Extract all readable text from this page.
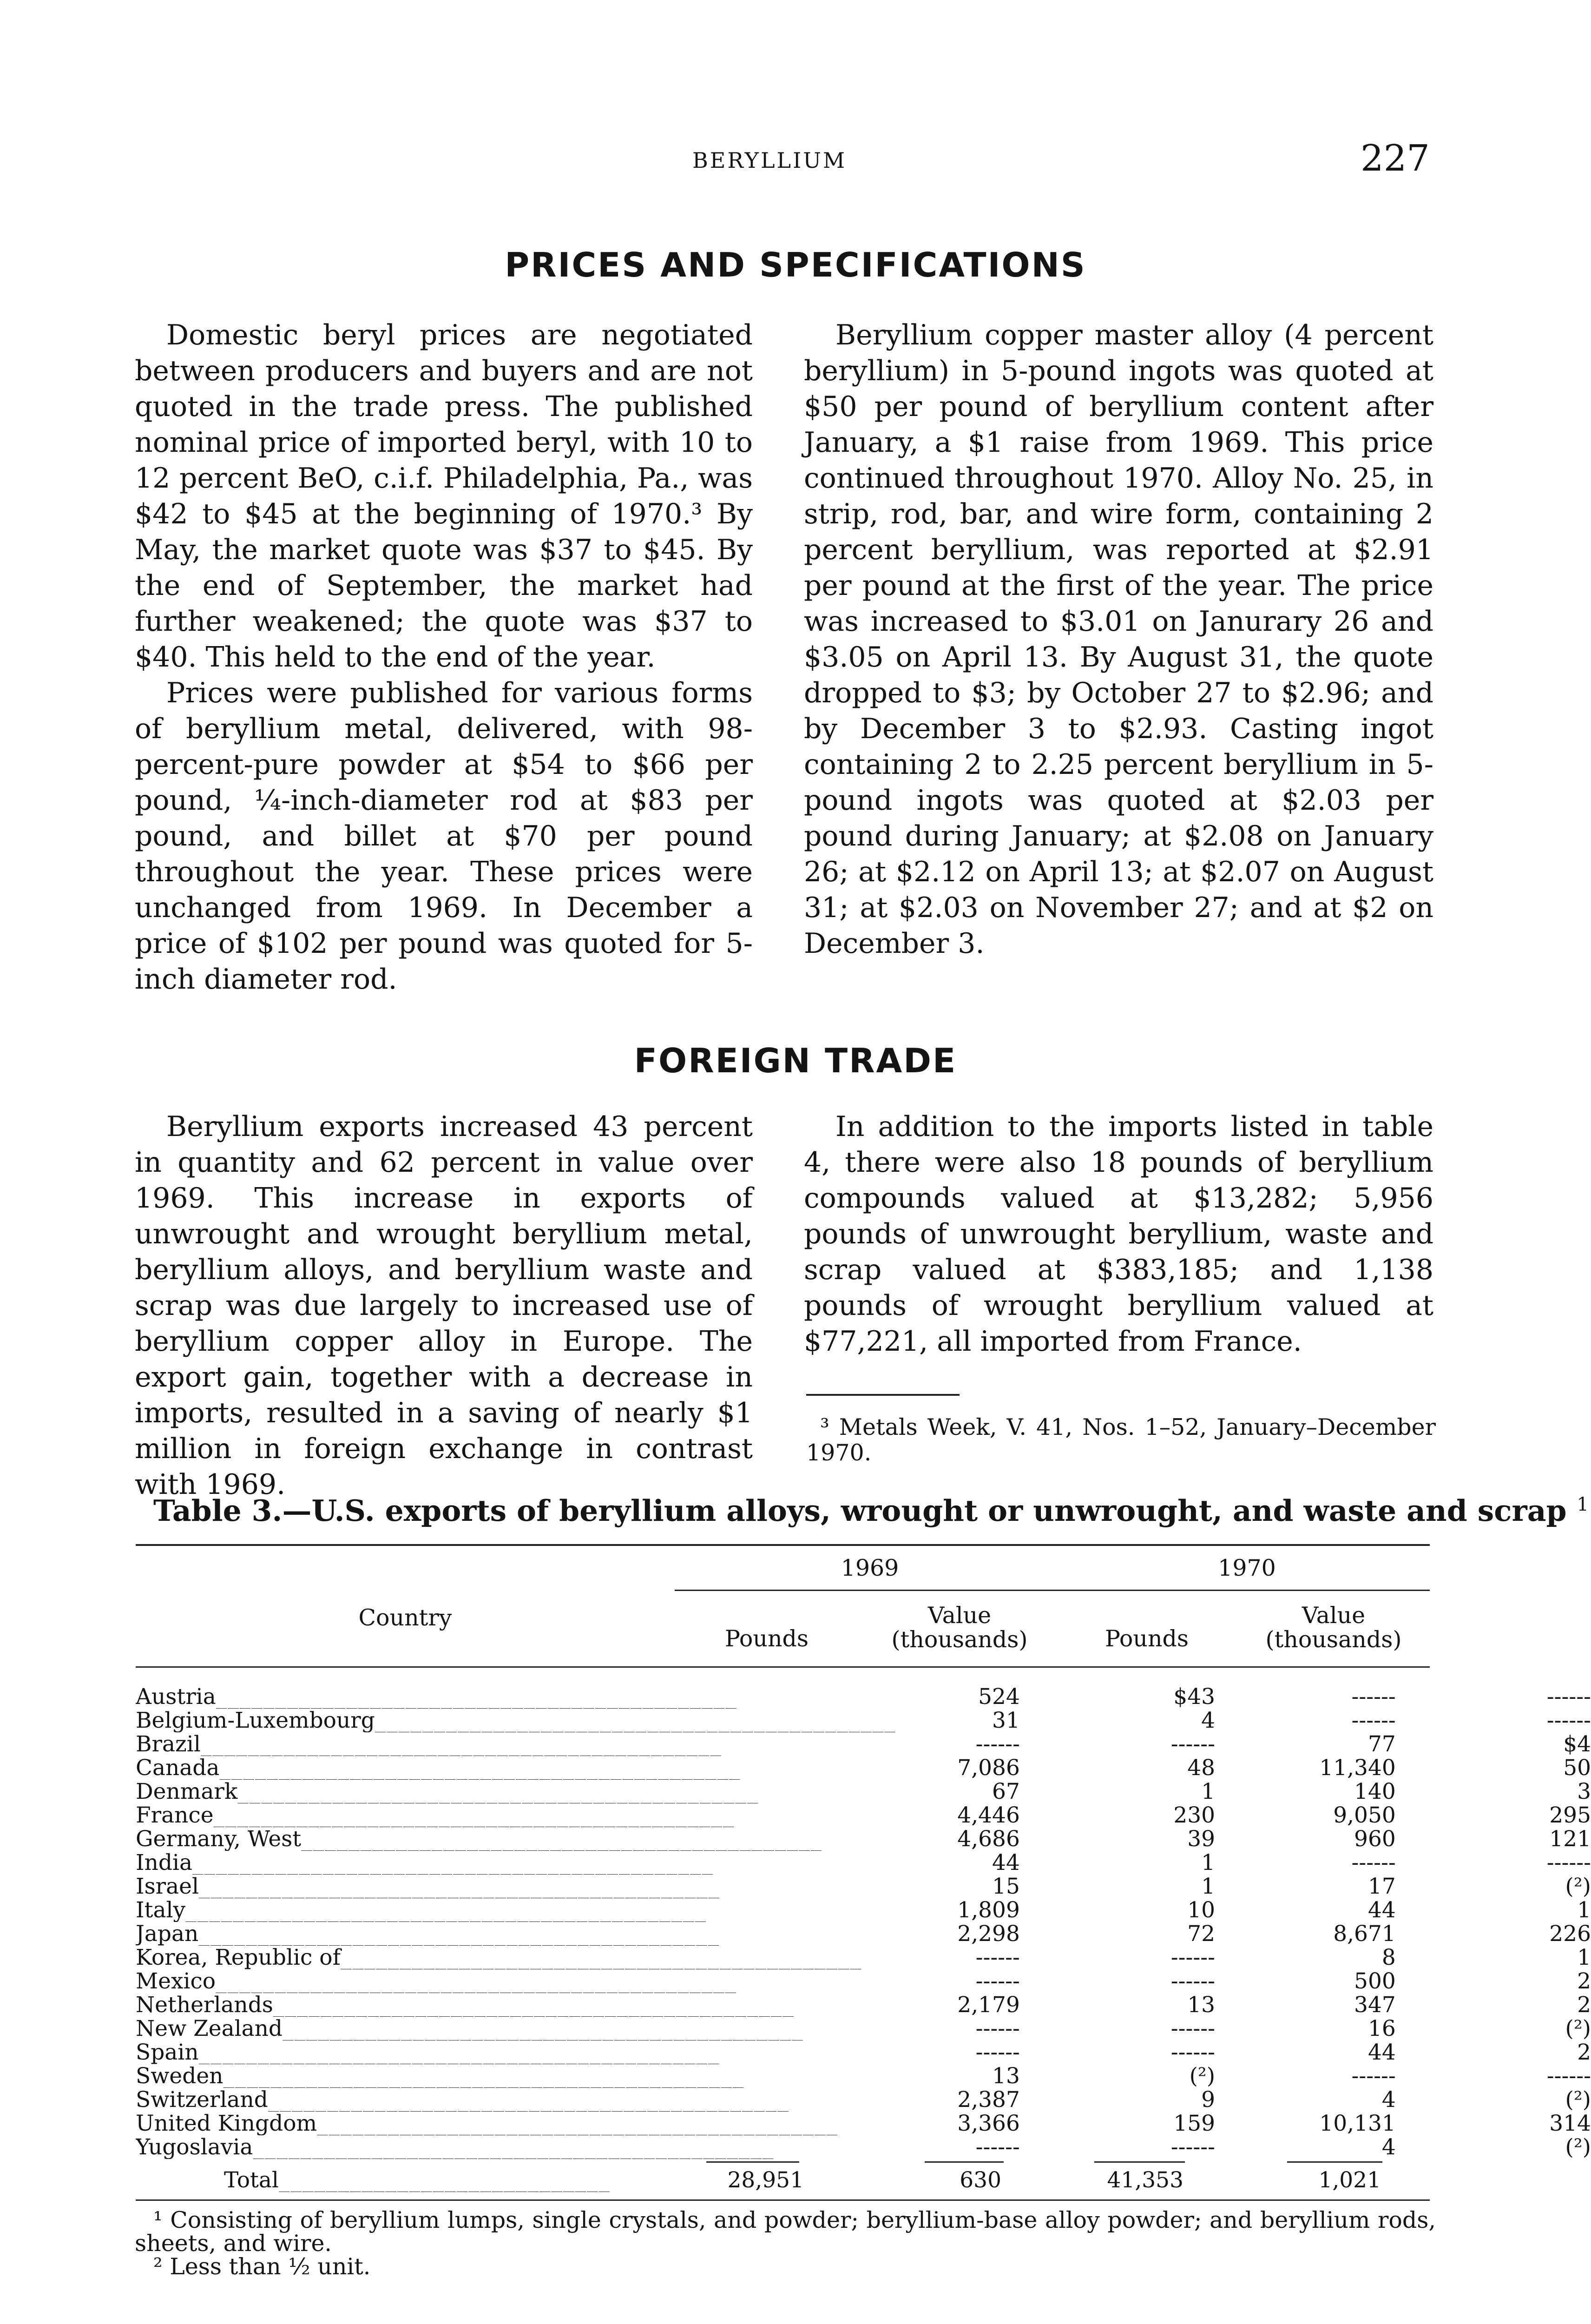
BERYLLIUM	227
PRICES AND SPECIFICATIONS

Domestic beryl prices are negotiated between producers and buyers and are not quoted in the trade press. The published nominal price of imported beryl, with 10 to 12 percent BeO, c.i.f. Philadelphia, Pa., was $42 to $45 at the beginning of 1970.³ By May, the market quote was $37 to $45. By the end of September, the market had further weakened; the quote was $37 to $40. This held to the end of the year.

Prices were published for various forms of beryllium metal, delivered, with 98-percent-pure powder at $54 to $66 per pound, ¼-inch-diameter rod at $83 per pound, and billet at $70 per pound throughout the year. These prices were unchanged from 1969. In December a price of $102 per pound was quoted for 5-inch diameter rod.

Beryllium copper master alloy (4 percent beryllium) in 5-pound ingots was quoted at $50 per pound of beryllium content after January, a $1 raise from 1969. This price continued throughout 1970. Alloy No. 25, in strip, rod, bar, and wire form, containing 2 percent beryllium, was reported at $2.91 per pound at the first of the year. The price was increased to $3.01 on Janurary 26 and $3.05 on April 13. By August 31, the quote dropped to $3; by October 27 to $2.96; and by December 3 to $2.93. Casting ingot containing 2 to 2.25 percent beryllium in 5-pound ingots was quoted at $2.03 per pound during January; at $2.08 on January 26; at $2.12 on April 13; at $2.07 on August 31; at $2.03 on November 27; and at $2 on December 3.

FOREIGN TRADE

Beryllium exports increased 43 percent in quantity and 62 percent in value over 1969. This increase in exports of unwrought and wrought beryllium metal, beryllium alloys, and beryllium waste and scrap was due largely to increased use of beryllium copper alloy in Europe. The export gain, together with a decrease in imports, resulted in a saving of nearly $1 million in foreign exchange in contrast with 1969.

In addition to the imports listed in table 4, there were also 18 pounds of beryllium compounds valued at $13,282; 5,956 pounds of unwrought beryllium, waste and scrap valued at $383,185; and 1,138 pounds of wrought beryllium valued at $77,221, all imported from France.

³ Metals Week, V. 41, Nos. 1–52, January–December 1970.
Table 3.—U.S. exports of beryllium alloys, wrought or unwrought, and waste and scrap $^1$
1969	1970
Country
Pounds
Value
(thousands)	Pounds
Value
(thousands)
Austria____________________________________________	524	$43	------	------
Belgium-Luxembourg____________________________________________	31	4	------	------
Brazil____________________________________________	------	------	77	$4
Canada____________________________________________	7,086	48	11,340	50
Denmark____________________________________________	67	1	140	3
France____________________________________________	4,446	230	9,050	295
Germany, West____________________________________________	4,686	39	960	121
India____________________________________________	44	1	------	------
Israel____________________________________________	15	1	17	(²)
Italy____________________________________________	1,809	10	44	1
Japan____________________________________________	2,298	72	8,671	226
Korea, Republic of____________________________________________	------	------	8	1
Mexico____________________________________________	------	------	500	2
Netherlands____________________________________________	2,179	13	347	2
New Zealand____________________________________________	------	------	16	(²)
Spain____________________________________________	------	------	44	2
Sweden____________________________________________	13	(²)	------	------
Switzerland____________________________________________	2,387	9	4	(²)
United Kingdom____________________________________________	3,366	159	10,131	314
Yugoslavia____________________________________________	------	------	4	(²)
Total____________________________	28,951	630	41,353	1,021

¹ Consisting of beryllium lumps, single crystals, and powder; beryllium-base alloy powder; and beryllium rods, sheets, and wire.

² Less than ½ unit.
